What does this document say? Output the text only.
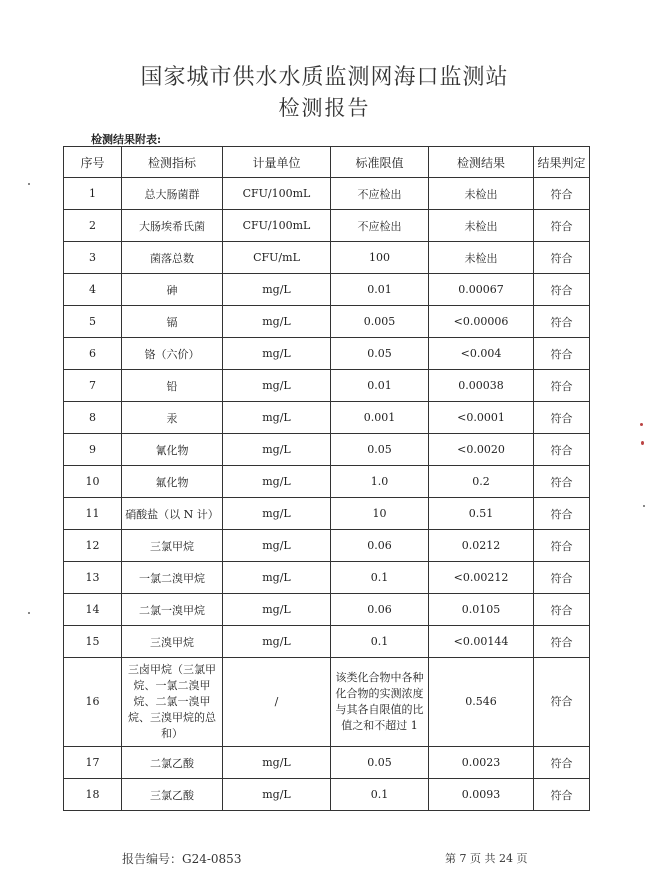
国家城市供水水质监测网海口监测站
检测报告
检测结果附表:
序号	检测指标	计量单位	标准限值	检测结果	结果判定
1	总大肠菌群	CFU/100mL	不应检出	未检出	符合
2	大肠埃希氏菌	CFU/100mL	不应检出	未检出	符合
3	菌落总数	CFU/mL	100	未检出	符合
4	砷	mg/L	0.01	0.00067	符合
5	镉	mg/L	0.005	<0.00006	符合
6	铬（六价）	mg/L	0.05	<0.004	符合
7	铅	mg/L	0.01	0.00038	符合
8	汞	mg/L	0.001	<0.0001	符合
9	氰化物	mg/L	0.05	<0.0020	符合
10	氟化物	mg/L	1.0	0.2	符合
11	硝酸盐（以 N 计）	mg/L	10	0.51	符合
12	三氯甲烷	mg/L	0.06	0.0212	符合
13	一氯二溴甲烷	mg/L	0.1	<0.00212	符合
14	二氯一溴甲烷	mg/L	0.06	0.0105	符合
15	三溴甲烷	mg/L	0.1	<0.00144	符合
16	三卤甲烷（三氯甲烷、一氯二溴甲烷、二氯一溴甲烷、三溴甲烷的总和）	/	该类化合物中各种化合物的实测浓度与其各自限值的比值之和不超过 1	0.546	符合
17	二氯乙酸	mg/L	0.05	0.0023	符合
18	三氯乙酸	mg/L	0.1	0.0093	符合
报告编号：G24-0853	第 7 页 共 24 页
